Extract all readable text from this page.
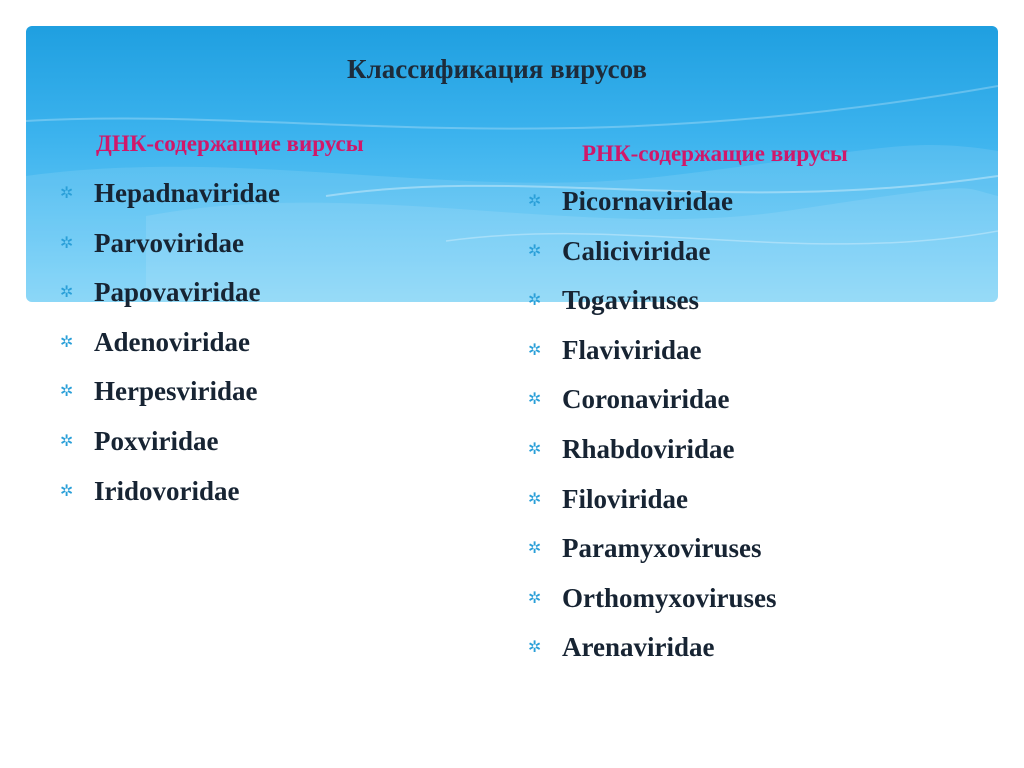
Классификация вирусов
ДНК-содержащие вирусы	РНК-содержащие вирусы
✲ Hepadnaviridae
✲ Parvoviridae
✲ Papovaviridae
✲ Adenoviridae
✲ Herpesviridae
✲ Poxviridae
✲ Iridovoridae
✲ Picornaviridae
✲ Caliciviridae
✲ Togaviruses
✲ Flaviviridae
✲ Coronaviridae
✲ Rhabdoviridae
✲ Filoviridae
✲ Paramyxoviruses
✲ Orthomyxoviruses
✲ Arenaviridae
